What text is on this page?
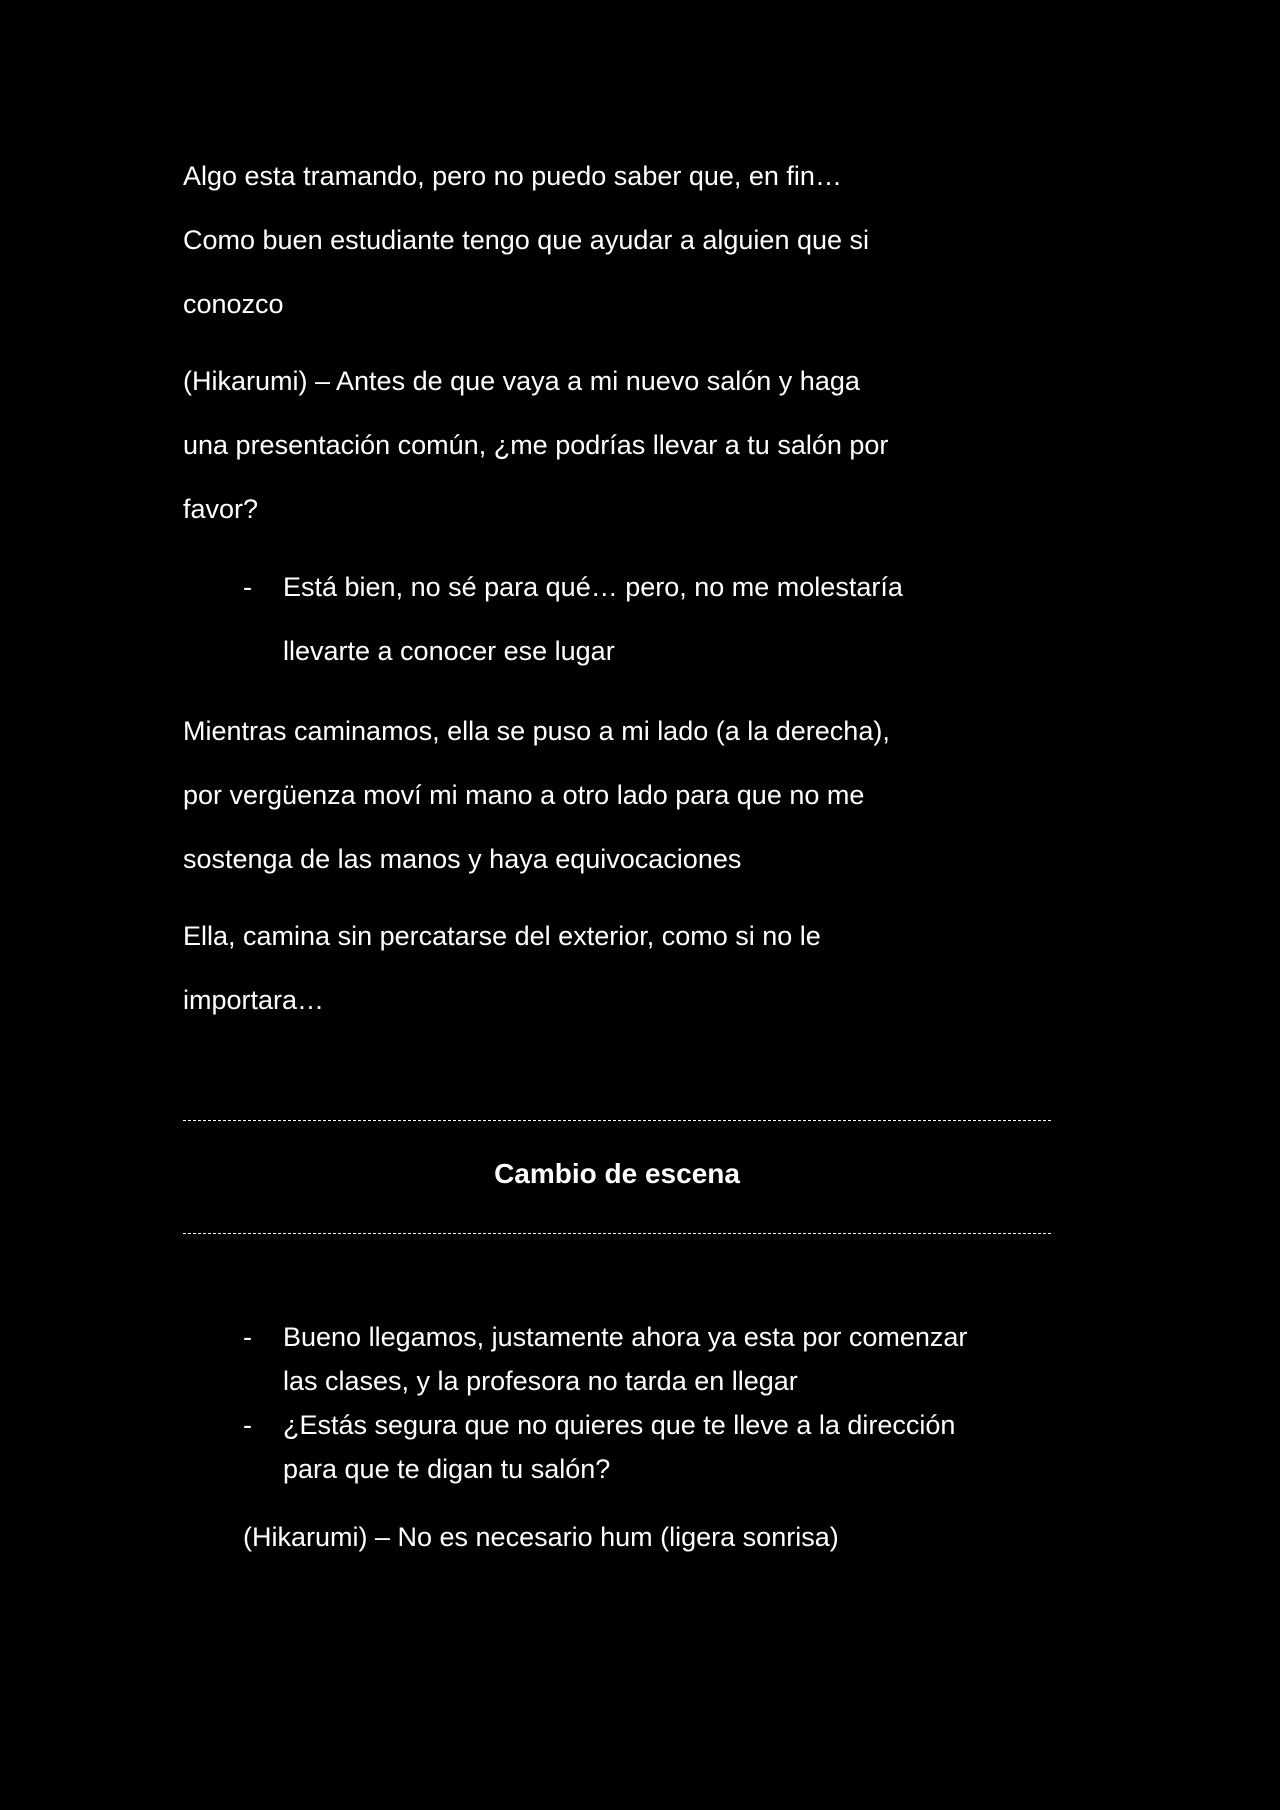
Algo esta tramando, pero no puedo saber que, en fin…
Como buen estudiante tengo que ayudar a alguien que si
conozco
(Hikarumi) – Antes de que vaya a mi nuevo salón y haga
una presentación común, ¿me podrías llevar a tu salón por
favor?
- Está bien, no sé para qué… pero, no me molestaría
llevarte a conocer ese lugar
Mientras caminamos, ella se puso a mi lado (a la derecha),
por vergüenza moví mi mano a otro lado para que no me
sostenga de las manos y haya equivocaciones
Ella, camina sin percatarse del exterior, como si no le
importara…
Cambio de escena
- Bueno llegamos, justamente ahora ya esta por comenzar
las clases, y la profesora no tarda en llegar
- ¿Estás segura que no quieres que te lleve a la dirección
para que te digan tu salón?
(Hikarumi) – No es necesario hum (ligera sonrisa)
